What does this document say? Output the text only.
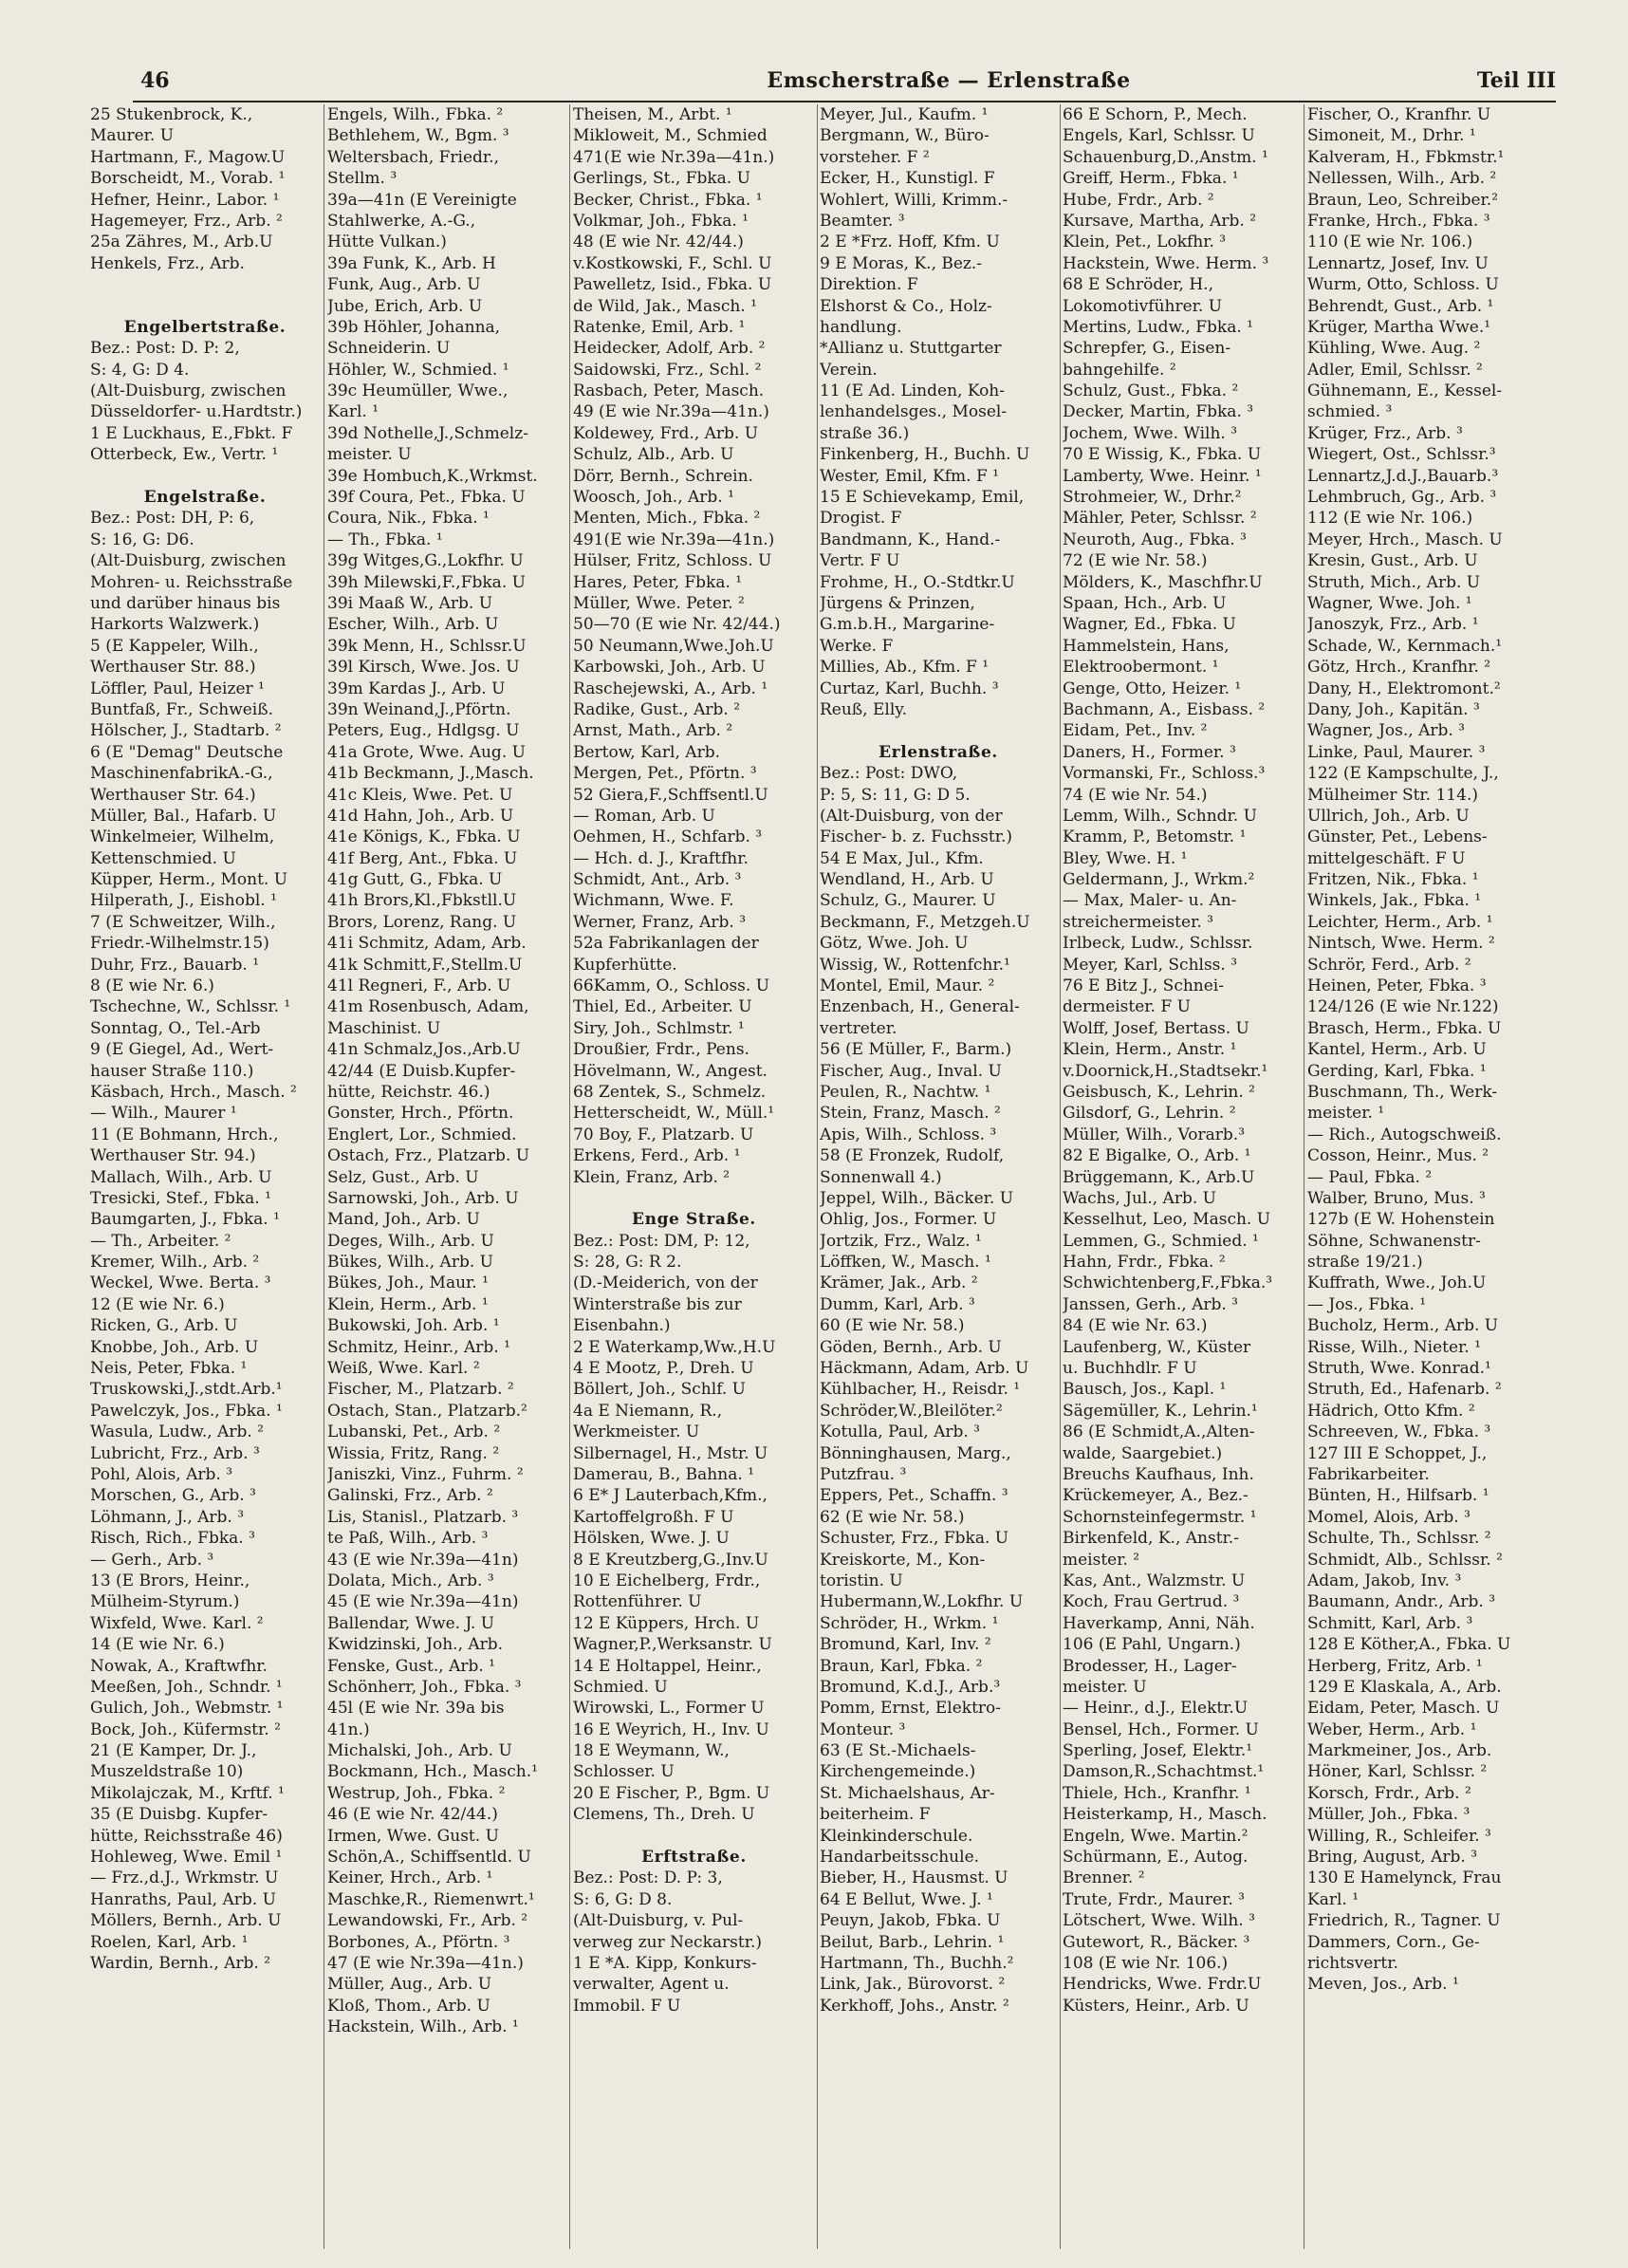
46	Emscherstraße — Erlenstraße	Teil III
25 Stukenbrock, K.,
Maurer. U
Hartmann, F., Magow.U
Borscheidt, M., Vorab. ¹
Hefner, Heinr., Labor. ¹
Hagemeyer, Frz., Arb. ²
25a Zähres, M., Arb.U
Henkels, Frz., Arb.
Engelbertstraße.
Bez.: Post: D. P: 2,
S: 4, G: D 4.
(Alt-Duisburg, zwischen
Düsseldorfer- u.Hardtstr.)
1 E Luckhaus, E.,Fbkt. F
Otterbeck, Ew., Vertr. ¹
Engelstraße.
Bez.: Post: DH, P: 6,
S: 16, G: D6.
(Alt-Duisburg, zwischen
Mohren- u. Reichsstraße
und darüber hinaus bis
Harkorts Walzwerk.)
5 (E Kappeler, Wilh.,
Werthauser Str. 88.)
Löffler, Paul, Heizer ¹
Buntfaß, Fr., Schweiß.
Hölscher, J., Stadtarb. ²
6 (E "Demag" Deutsche
MaschinenfabrikA.-G.,
Werthauser Str. 64.)
Müller, Bal., Hafarb. U
Winkelmeier, Wilhelm,
Kettenschmied. U
Küpper, Herm., Mont. U
Hilperath, J., Eishobl. ¹
7 (E Schweitzer, Wilh.,
Friedr.-Wilhelmstr.15)
Duhr, Frz., Bauarb. ¹
8 (E wie Nr. 6.)
Tschechne, W., Schlssr. ¹
Sonntag, O., Tel.-Arb
9 (E Giegel, Ad., Wert-
hauser Straße 110.)
Käsbach, Hrch., Masch. ²
— Wilh., Maurer ¹
11 (E Bohmann, Hrch.,
Werthauser Str. 94.)
Mallach, Wilh., Arb. U
Tresicki, Stef., Fbka. ¹
Baumgarten, J., Fbka. ¹
— Th., Arbeiter. ²
Kremer, Wilh., Arb. ²
Weckel, Wwe. Berta. ³
12 (E wie Nr. 6.)
Ricken, G., Arb. U
Knobbe, Joh., Arb. U
Neis, Peter, Fbka. ¹
Truskowski,J.,stdt.Arb.¹
Pawelczyk, Jos., Fbka. ¹
Wasula, Ludw., Arb. ²
Lubricht, Frz., Arb. ³
Pohl, Alois, Arb. ³
Morschen, G., Arb. ³
Löhmann, J., Arb. ³
Risch, Rich., Fbka. ³
— Gerh., Arb. ³
13 (E Brors, Heinr.,
Mülheim-Styrum.)
Wixfeld, Wwe. Karl. ²
14 (E wie Nr. 6.)
Nowak, A., Kraftwfhr.
Meeßen, Joh., Schndr. ¹
Gulich, Joh., Webmstr. ¹
Bock, Joh., Küfermstr. ²
21 (E Kamper, Dr. J.,
Muszeldstraße 10)
Mikolajczak, M., Krftf. ¹
35 (E Duisbg. Kupfer-
hütte, Reichsstraße 46)
Hohleweg, Wwe. Emil ¹
— Frz.,d.J., Wrkmstr. U
Hanraths, Paul, Arb. U
Möllers, Bernh., Arb. U
Roelen, Karl, Arb. ¹
Wardin, Bernh., Arb. ²
Engels, Wilh., Fbka. ²
Bethlehem, W., Bgm. ³
Weltersbach, Friedr.,
Stellm. ³
39a—41n (E Vereinigte
Stahlwerke, A.-G.,
Hütte Vulkan.)
39a Funk, K., Arb. H
Funk, Aug., Arb. U
Jube, Erich, Arb. U
39b Höhler, Johanna,
Schneiderin. U
Höhler, W., Schmied. ¹
39c Heumüller, Wwe.,
Karl. ¹
39d Nothelle,J.,Schmelz-
meister. U
39e Hombuch,K.,Wrkmst.
39f Coura, Pet., Fbka. U
Coura, Nik., Fbka. ¹
— Th., Fbka. ¹
39g Witges,G.,Lokfhr. U
39h Milewski,F.,Fbka. U
39i Maaß W., Arb. U
Escher, Wilh., Arb. U
39k Menn, H., Schlssr.U
39l Kirsch, Wwe. Jos. U
39m Kardas J., Arb. U
39n Weinand,J.,Pförtn.
Peters, Eug., Hdlgsg. U
41a Grote, Wwe. Aug. U
41b Beckmann, J.,Masch.
41c Kleis, Wwe. Pet. U
41d Hahn, Joh., Arb. U
41e Königs, K., Fbka. U
41f Berg, Ant., Fbka. U
41g Gutt, G., Fbka. U
41h Brors,Kl.,Fbkstll.U
Brors, Lorenz, Rang. U
41i Schmitz, Adam, Arb.
41k Schmitt,F.,Stellm.U
41l Regneri, F., Arb. U
41m Rosenbusch, Adam,
Maschinist. U
41n Schmalz,Jos.,Arb.U
42/44 (E Duisb.Kupfer-
hütte, Reichstr. 46.)
Gonster, Hrch., Pförtn.
Englert, Lor., Schmied.
Ostach, Frz., Platzarb. U
Selz, Gust., Arb. U
Sarnowski, Joh., Arb. U
Mand, Joh., Arb. U
Deges, Wilh., Arb. U
Bükes, Wilh., Arb. U
Bükes, Joh., Maur. ¹
Klein, Herm., Arb. ¹
Bukowski, Joh. Arb. ¹
Schmitz, Heinr., Arb. ¹
Weiß, Wwe. Karl. ²
Fischer, M., Platzarb. ²
Ostach, Stan., Platzarb.²
Lubanski, Pet., Arb. ²
Wissia, Fritz, Rang. ²
Janiszki, Vinz., Fuhrm. ²
Galinski, Frz., Arb. ²
Lis, Stanisl., Platzarb. ³
te Paß, Wilh., Arb. ³
43 (E wie Nr.39a—41n)
Dolata, Mich., Arb. ³
45 (E wie Nr.39a—41n)
Ballendar, Wwe. J. U
Kwidzinski, Joh., Arb.
Fenske, Gust., Arb. ¹
Schönherr, Joh., Fbka. ³
45l (E wie Nr. 39a bis
41n.)
Michalski, Joh., Arb. U
Bockmann, Hch., Masch.¹
Westrup, Joh., Fbka. ²
46 (E wie Nr. 42/44.)
Irmen, Wwe. Gust. U
Schön,A., Schiffsentld. U
Keiner, Hrch., Arb. ¹
Maschke,R., Riemenwrt.¹
Lewandowski, Fr., Arb. ²
Borbones, A., Pförtn. ³
47 (E wie Nr.39a—41n.)
Müller, Aug., Arb. U
Kloß, Thom., Arb. U
Hackstein, Wilh., Arb. ¹
Theisen, M., Arbt. ¹
Mikloweit, M., Schmied
471(E wie Nr.39a—41n.)
Gerlings, St., Fbka. U
Becker, Christ., Fbka. ¹
Volkmar, Joh., Fbka. ¹
48 (E wie Nr. 42/44.)
v.Kostkowski, F., Schl. U
Pawelletz, Isid., Fbka. U
de Wild, Jak., Masch. ¹
Ratenke, Emil, Arb. ¹
Heidecker, Adolf, Arb. ²
Saidowski, Frz., Schl. ²
Rasbach, Peter, Masch.
49 (E wie Nr.39a—41n.)
Koldewey, Frd., Arb. U
Schulz, Alb., Arb. U
Dörr, Bernh., Schrein.
Woosch, Joh., Arb. ¹
Menten, Mich., Fbka. ²
491(E wie Nr.39a—41n.)
Hülser, Fritz, Schloss. U
Hares, Peter, Fbka. ¹
Müller, Wwe. Peter. ²
50—70 (E wie Nr. 42/44.)
50 Neumann,Wwe.Joh.U
Karbowski, Joh., Arb. U
Raschejewski, A., Arb. ¹
Radike, Gust., Arb. ²
Arnst, Math., Arb. ²
Bertow, Karl, Arb.
Mergen, Pet., Pförtn. ³
52 Giera,F.,Schffsentl.U
— Roman, Arb. U
Oehmen, H., Schfarb. ³
— Hch. d. J., Kraftfhr.
Schmidt, Ant., Arb. ³
Wichmann, Wwe. F.
Werner, Franz, Arb. ³
52a Fabrikanlagen der
Kupferhütte.
66Kamm, O., Schloss. U
Thiel, Ed., Arbeiter. U
Siry, Joh., Schlmstr. ¹
Droußier, Frdr., Pens.
Hövelmann, W., Angest.
68 Zentek, S., Schmelz.
Hetterscheidt, W., Müll.¹
70 Boy, F., Platzarb. U
Erkens, Ferd., Arb. ¹
Klein, Franz, Arb. ²
Enge Straße.
Bez.: Post: DM, P: 12,
S: 28, G: R 2.
(D.-Meiderich, von der
Winterstraße bis zur
Eisenbahn.)
2 E Waterkamp,Ww.,H.U
4 E Mootz, P., Dreh. U
Böllert, Joh., Schlf. U
4a E Niemann, R.,
Werkmeister. U
Silbernagel, H., Mstr. U
Damerau, B., Bahna. ¹
6 E* J Lauterbach,Kfm.,
Kartoffelgroßh. F U
Hölsken, Wwe. J. U
8 E Kreutzberg,G.,Inv.U
10 E Eichelberg, Frdr.,
Rottenführer. U
12 E Küppers, Hrch. U
Wagner,P.,Werksanstr. U
14 E Holtappel, Heinr.,
Schmied. U
Wirowski, L., Former U
16 E Weyrich, H., Inv. U
18 E Weymann, W.,
Schlosser. U
20 E Fischer, P., Bgm. U
Clemens, Th., Dreh. U
Erftstraße.
Bez.: Post: D. P: 3,
S: 6, G: D 8.
(Alt-Duisburg, v. Pul-
verweg zur Neckarstr.)
1 E *A. Kipp, Konkurs-
verwalter, Agent u.
Immobil. F U
Meyer, Jul., Kaufm. ¹
Bergmann, W., Büro-
vorsteher. F ²
Ecker, H., Kunstigl. F
Wohlert, Willi, Krimm.-
Beamter. ³
2 E *Frz. Hoff, Kfm. U
9 E Moras, K., Bez.-
Direktion. F
Elshorst & Co., Holz-
handlung.
*Allianz u. Stuttgarter
Verein.
11 (E Ad. Linden, Koh-
lenhandelsges., Mosel-
straße 36.)
Finkenberg, H., Buchh. U
Wester, Emil, Kfm. F ¹
15 E Schievekamp, Emil,
Drogist. F
Bandmann, K., Hand.-
Vertr. F U
Frohme, H., O.-Stdtkr.U
Jürgens & Prinzen,
G.m.b.H., Margarine-
Werke. F
Millies, Ab., Kfm. F ¹
Curtaz, Karl, Buchh. ³
Reuß, Elly.
Erlenstraße.
Bez.: Post: DWO,
P: 5, S: 11, G: D 5.
(Alt-Duisburg, von der
Fischer- b. z. Fuchsstr.)
54 E Max, Jul., Kfm.
Wendland, H., Arb. U
Schulz, G., Maurer. U
Beckmann, F., Metzgeh.U
Götz, Wwe. Joh. U
Wissig, W., Rottenfchr.¹
Montel, Emil, Maur. ²
Enzenbach, H., General-
vertreter.
56 (E Müller, F., Barm.)
Fischer, Aug., Inval. U
Peulen, R., Nachtw. ¹
Stein, Franz, Masch. ²
Apis, Wilh., Schloss. ³
58 (E Fronzek, Rudolf,
Sonnenwall 4.)
Jeppel, Wilh., Bäcker. U
Ohlig, Jos., Former. U
Jortzik, Frz., Walz. ¹
Löffken, W., Masch. ¹
Krämer, Jak., Arb. ²
Dumm, Karl, Arb. ³
60 (E wie Nr. 58.)
Göden, Bernh., Arb. U
Häckmann, Adam, Arb. U
Kühlbacher, H., Reisdr. ¹
Schröder,W.,Bleilöter.²
Kotulla, Paul, Arb. ³
Bönninghausen, Marg.,
Putzfrau. ³
Eppers, Pet., Schaffn. ³
62 (E wie Nr. 58.)
Schuster, Frz., Fbka. U
Kreiskorte, M., Kon-
toristin. U
Hubermann,W.,Lokfhr. U
Schröder, H., Wrkm. ¹
Bromund, Karl, Inv. ²
Braun, Karl, Fbka. ²
Bromund, K.d.J., Arb.³
Pomm, Ernst, Elektro-
Monteur. ³
63 (E St.-Michaels-
Kirchengemeinde.)
St. Michaelshaus, Ar-
beiterheim. F
Kleinkinderschule.
Handarbeitsschule.
Bieber, H., Hausmst. U
64 E Bellut, Wwe. J. ¹
Peuyn, Jakob, Fbka. U
Beilut, Barb., Lehrin. ¹
Hartmann, Th., Buchh.²
Link, Jak., Bürovorst. ²
Kerkhoff, Johs., Anstr. ²
66 E Schorn, P., Mech.
Engels, Karl, Schlssr. U
Schauenburg,D.,Anstm. ¹
Greiff, Herm., Fbka. ¹
Hube, Frdr., Arb. ²
Kursave, Martha, Arb. ²
Klein, Pet., Lokfhr. ³
Hackstein, Wwe. Herm. ³
68 E Schröder, H.,
Lokomotivführer. U
Mertins, Ludw., Fbka. ¹
Schrepfer, G., Eisen-
bahngehilfe. ²
Schulz, Gust., Fbka. ²
Decker, Martin, Fbka. ³
Jochem, Wwe. Wilh. ³
70 E Wissig, K., Fbka. U
Lamberty, Wwe. Heinr. ¹
Strohmeier, W., Drhr.²
Mähler, Peter, Schlssr. ²
Neuroth, Aug., Fbka. ³
72 (E wie Nr. 58.)
Mölders, K., Maschfhr.U
Spaan, Hch., Arb. U
Wagner, Ed., Fbka. U
Hammelstein, Hans,
Elektroobermont. ¹
Genge, Otto, Heizer. ¹
Bachmann, A., Eisbass. ²
Eidam, Pet., Inv. ²
Daners, H., Former. ³
Vormanski, Fr., Schloss.³
74 (E wie Nr. 54.)
Lemm, Wilh., Schndr. U
Kramm, P., Betomstr. ¹
Bley, Wwe. H. ¹
Geldermann, J., Wrkm.²
— Max, Maler- u. An-
streichermeister. ³
Irlbeck, Ludw., Schlssr.
Meyer, Karl, Schlss. ³
76 E Bitz J., Schnei-
dermeister. F U
Wolff, Josef, Bertass. U
Klein, Herm., Anstr. ¹
v.Doornick,H.,Stadtsekr.¹
Geisbusch, K., Lehrin. ²
Gilsdorf, G., Lehrin. ²
Müller, Wilh., Vorarb.³
82 E Bigalke, O., Arb. ¹
Brüggemann, K., Arb.U
Wachs, Jul., Arb. U
Kesselhut, Leo, Masch. U
Lemmen, G., Schmied. ¹
Hahn, Frdr., Fbka. ²
Schwichtenberg,F.,Fbka.³
Janssen, Gerh., Arb. ³
84 (E wie Nr. 63.)
Laufenberg, W., Küster
u. Buchhdlr. F U
Bausch, Jos., Kapl. ¹
Sägemüller, K., Lehrin.¹
86 (E Schmidt,A.,Alten-
walde, Saargebiet.)
Breuchs Kaufhaus, Inh.
Krückemeyer, A., Bez.-
Schornsteinfegermstr. ¹
Birkenfeld, K., Anstr.-
meister. ²
Kas, Ant., Walzmstr. U
Koch, Frau Gertrud. ³
Haverkamp, Anni, Näh.
106 (E Pahl, Ungarn.)
Brodesser, H., Lager-
meister. U
— Heinr., d.J., Elektr.U
Bensel, Hch., Former. U
Sperling, Josef, Elektr.¹
Damson,R.,Schachtmst.¹
Thiele, Hch., Kranfhr. ¹
Heisterkamp, H., Masch.
Engeln, Wwe. Martin.²
Schürmann, E., Autog.
Brenner. ²
Trute, Frdr., Maurer. ³
Lötschert, Wwe. Wilh. ³
Gutewort, R., Bäcker. ³
108 (E wie Nr. 106.)
Hendricks, Wwe. Frdr.U
Küsters, Heinr., Arb. U
Fischer, O., Kranfhr. U
Simoneit, M., Drhr. ¹
Kalveram, H., Fbkmstr.¹
Nellessen, Wilh., Arb. ²
Braun, Leo, Schreiber.²
Franke, Hrch., Fbka. ³
110 (E wie Nr. 106.)
Lennartz, Josef, Inv. U
Wurm, Otto, Schloss. U
Behrendt, Gust., Arb. ¹
Krüger, Martha Wwe.¹
Kühling, Wwe. Aug. ²
Adler, Emil, Schlssr. ²
Gühnemann, E., Kessel-
schmied. ³
Krüger, Frz., Arb. ³
Wiegert, Ost., Schlssr.³
Lennartz,J.d.J.,Bauarb.³
Lehmbruch, Gg., Arb. ³
112 (E wie Nr. 106.)
Meyer, Hrch., Masch. U
Kresin, Gust., Arb. U
Struth, Mich., Arb. U
Wagner, Wwe. Joh. ¹
Janoszyk, Frz., Arb. ¹
Schade, W., Kernmach.¹
Götz, Hrch., Kranfhr. ²
Dany, H., Elektromont.²
Dany, Joh., Kapitän. ³
Wagner, Jos., Arb. ³
Linke, Paul, Maurer. ³
122 (E Kampschulte, J.,
Mülheimer Str. 114.)
Ullrich, Joh., Arb. U
Günster, Pet., Lebens-
mittelgeschäft. F U
Fritzen, Nik., Fbka. ¹
Winkels, Jak., Fbka. ¹
Leichter, Herm., Arb. ¹
Nintsch, Wwe. Herm. ²
Schrör, Ferd., Arb. ²
Heinen, Peter, Fbka. ³
124/126 (E wie Nr.122)
Brasch, Herm., Fbka. U
Kantel, Herm., Arb. U
Gerding, Karl, Fbka. ¹
Buschmann, Th., Werk-
meister. ¹
— Rich., Autogschweiß.
Cosson, Heinr., Mus. ²
— Paul, Fbka. ²
Walber, Bruno, Mus. ³
127b (E W. Hohenstein
Söhne, Schwanenstr-
straße 19/21.)
Kuffrath, Wwe., Joh.U
— Jos., Fbka. ¹
Bucholz, Herm., Arb. U
Risse, Wilh., Nieter. ¹
Struth, Wwe. Konrad.¹
Struth, Ed., Hafenarb. ²
Hädrich, Otto Kfm. ²
Schreeven, W., Fbka. ³
127 III E Schoppet, J.,
Fabrikarbeiter.
Bünten, H., Hilfsarb. ¹
Momel, Alois, Arb. ³
Schulte, Th., Schlssr. ²
Schmidt, Alb., Schlssr. ²
Adam, Jakob, Inv. ³
Baumann, Andr., Arb. ³
Schmitt, Karl, Arb. ³
128 E Köther,A., Fbka. U
Herberg, Fritz, Arb. ¹
129 E Klaskala, A., Arb.
Eidam, Peter, Masch. U
Weber, Herm., Arb. ¹
Markmeiner, Jos., Arb.
Höner, Karl, Schlssr. ²
Korsch, Frdr., Arb. ²
Müller, Joh., Fbka. ³
Willing, R., Schleifer. ³
Bring, August, Arb. ³
130 E Hamelynck, Frau
Karl. ¹
Friedrich, R., Tagner. U
Dammers, Corn., Ge-
richtsvertr.
Meven, Jos., Arb. ¹
